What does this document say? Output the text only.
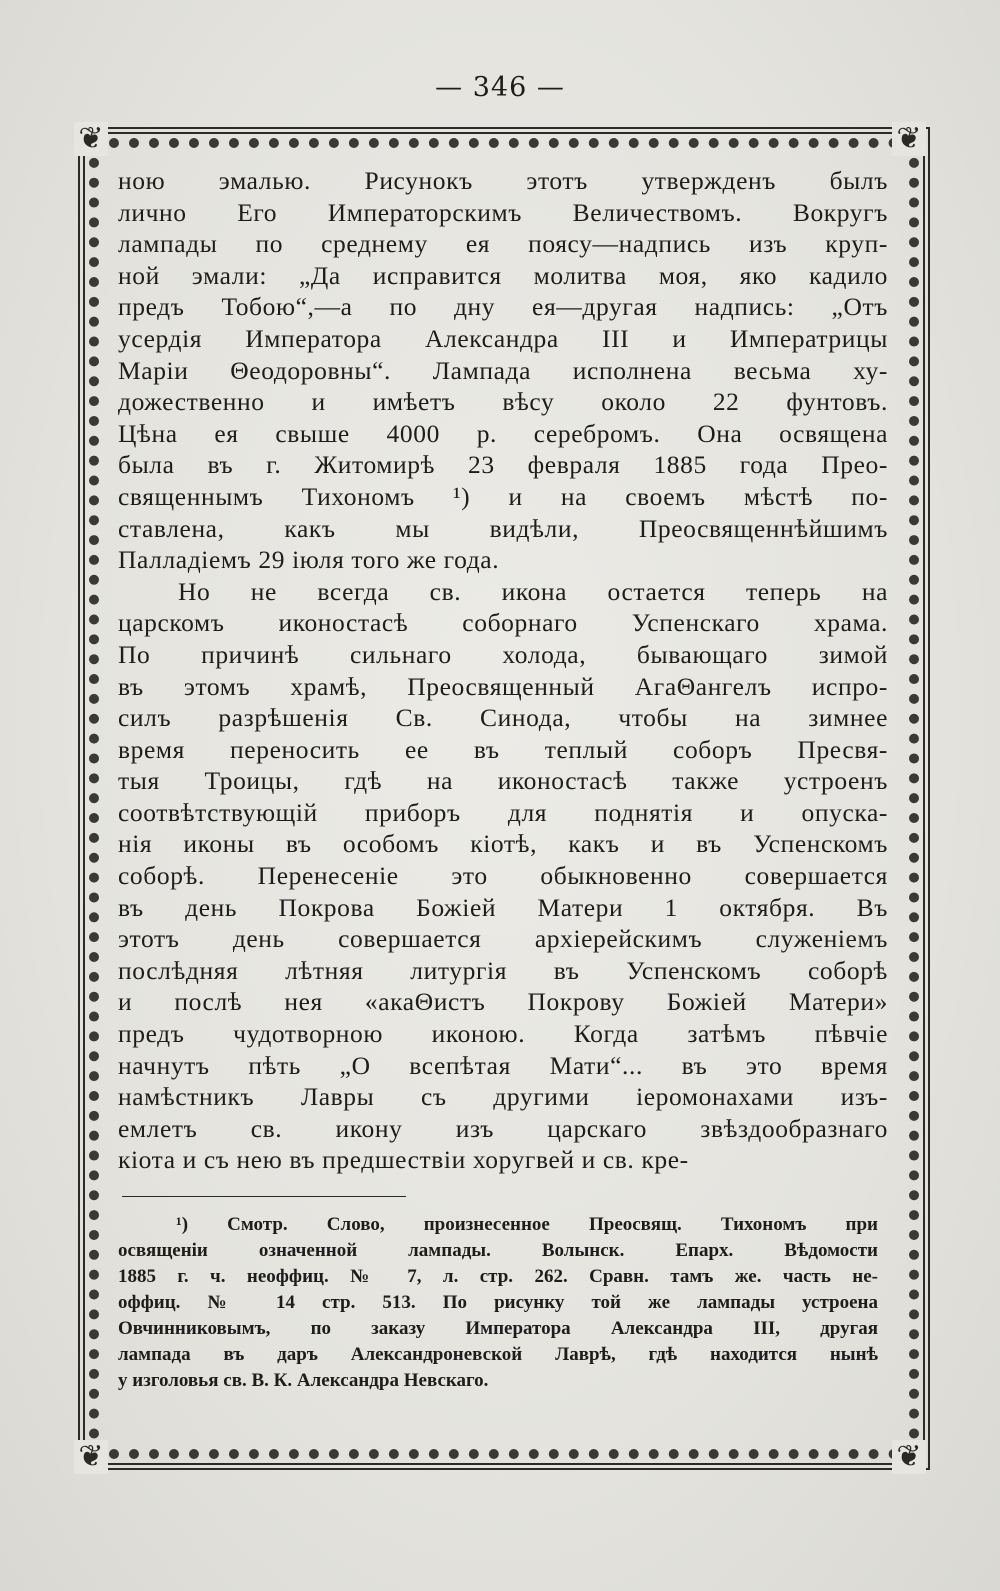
— 346 —
❦	❦
❦	❦
ною эмалью. Рисунокъ этотъ утвержденъ былъ
лично Его Императорскимъ Величествомъ. Вокругъ
лампады по среднему ея поясу—надпись изъ круп-
ной эмали: „Да исправится молитва моя, яко кадило
предъ Тобою“,—а по дну ея—другая надпись: „Отъ
усердія Императора Александра III и Императрицы
Маріи Θеодоровны“. Лампада исполнена весьма ху-
дожественно и имѣетъ вѣсу около 22 фунтовъ.
Цѣна ея свыше 4000 р. серебромъ. Она освящена
была въ г. Житомирѣ 23 февраля 1885 года Прео-
священнымъ Тихономъ ¹) и на своемъ мѣстѣ по-
ставлена, какъ мы видѣли, Преосвященнѣйшимъ
Палладіемъ 29 іюля того же года.
Но не всегда св. икона остается теперь на
царскомъ иконостасѣ соборнаго Успенскаго храма.
По причинѣ сильнаго холода, бывающаго зимой
въ этомъ храмѣ, Преосвященный АгаΘангелъ испро-
силъ разрѣшенія Св. Синода, чтобы на зимнее
время переносить ее въ теплый соборъ Пресвя-
тыя Троицы, гдѣ на иконостасѣ также устроенъ
соотвѣтствующій приборъ для поднятія и опуска-
нія иконы въ особомъ кіотѣ, какъ и въ Успенскомъ
соборѣ. Перенесеніе это обыкновенно совершается
въ день Покрова Божіей Матери 1 октября. Въ
этотъ день совершается архіерейскимъ служеніемъ
послѣдняя лѣтняя литургія въ Успенскомъ соборѣ
и послѣ нея «акаΘистъ Покрову Божіей Матери»
предъ чудотворною иконою. Когда затѣмъ пѣвчіе
начнутъ пѣть „О всепѣтая Мати“... въ это время
намѣстникъ Лавры съ другими іеромонахами изъ-
емлетъ св. икону изъ царскаго звѣздообразнаго
кіота и съ нею въ предшествіи хоругвей и св. кре-
¹) Смотр. Слово, произнесенное Преосвящ. Тихономъ при
освященіи означенной лампады. Волынск. Епарх. Вѣдомости
1885 г. ч. неоффиц. № 7, л. стр. 262. Сравн. тамъ же. часть не-
оффиц. № 14 стр. 513. По рисунку той же лампады устроена
Овчинниковымъ, по заказу Императора Александра III, другая
лампада въ даръ Александроневской Лаврѣ, гдѣ находится нынѣ
у изголовья св. В. К. Александра Невскаго.
